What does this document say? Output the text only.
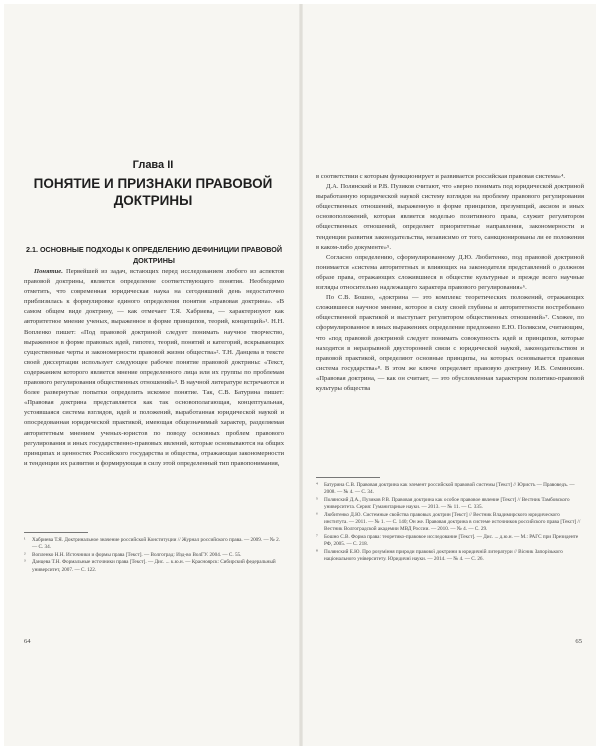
Глава II
ПОНЯТИЕ И ПРИЗНАКИ ПРАВОВОЙ ДОКТРИНЫ
2.1. ОСНОВНЫЕ ПОДХОДЫ К ОПРЕДЕЛЕНИЮ ДЕФИНИЦИИ ПРАВОВОЙ ДОКТРИНЫ

Понятие. Первейшей из задач, встающих перед исследованием любого из аспектов правовой доктрины, является определение соответствующего понятия. Необходимо отметить, что современная юридическая наука на сегодняшний день недостаточно приблизилась к формулировке единого определения понятия «правовая доктрина». «В самом общем виде доктрину, — как отмечает Т.Я. Хабриева, — характеризуют как авторитетное мнение ученых, выраженное в форме принципов, теорий, концепций»¹. Н.Н. Вопленко пишет: «Под правовой доктриной следует понимать научное творчество, выраженное в форме правовых идей, гипотез, теорий, понятий и категорий, вскрывающих существенные черты и закономерности правовой жизни общества»². Т.Н. Данцева в тексте своей диссертации использует следующее рабочее понятие правовой доктрины: «Текст, содержанием которого является мнение определенного лица или их группы по проблемам правового регулирования общественных отношений»³. В научной литературе встречаются и более развернутые попытки определить искомое понятие. Так, С.В. Батурина пишет: «Правовая доктрина представляется как так основополагающая, концептуальная, устоявшаяся система взглядов, идей и положений, выработанная юридической наукой и опосредованная юридической практикой, имеющая общезначимый характер, разделяемая авторитетным мнением ученых-юристов по поводу основных проблем правового регулирования и иных государственно-правовых явлений, которые основываются на общих принципах и ценностях Российского государства и общества, отражающая закономерности и тенденции их развития и формирующая в силу этой определенный тип правопонимания,

¹	Хабриева Т.Я. Доктринальное значение российской Конституции // Журнал российского права. — 2009. — № 2. — С. 34.
²	Вопленко Н.Н. Источники и формы права [Текст]. — Волгоград: Изд-во ВолГУ. 2004. — С. 55.
³	Данцева Т.Н. Формальные источники права [Текст]. — Дис. ... к.ю.н. — Красноярск: Сибирский федеральный университет, 2007. — С. 122.
64

в соответствии с которым функционирует и развивается российская правовая система»⁴.

Д.А. Полянский и Р.В. Пузиков считают, что «верно понимать под юридической доктриной выработанную юридической наукой систему взглядов на проблему правового регулирования общественных отношений, выраженную в форме принципов, презумпций, аксиом и иных основоположений, которая является моделью позитивного права, служит регулятором общественных отношений, определяет приоритетные направления, закономерности и тенденции развития законодательства, независимо от того, санкционированы ли ее положения в каком-либо документе»⁵.

Согласно определению, сформулированному Д.Ю. Любитенко, под правовой доктриной понимается «система авторитетных и влияющих на законодателя представлений о должном образе права, отражающих сложившиеся в обществе культурные и прежде всего научные взгляды относительно надлежащего характера правового регулирования»⁶.

По С.В. Бошно, «доктрина — это комплекс теоретических положений, отражающих сложившееся научное мнение, которое в силу своей глубины и авторитетности востребовано общественной практикой и выступает регулятором общественных отношений»⁷. Схожее, по сформулированное в иных выражениях определение предложено Е.Ю. Поляксим, считающим, что «под правовой доктриной следует понимать совокупность идей и принципов, которые находятся в неразрывной двусторонней связи с юридической наукой, законодательством и правовой практикой, определяют основные принципы, на которых основывается правовая система государства»⁸. В этом же ключе определяет правовую доктрину И.В. Семинихин. «Правовая доктрина, — как он считает, — это обусловленная характером политико-правовой культуры общества

⁴	Батурина С.В. Правовая доктрина как элемент российской правовой системы [Текст] // Юристъ — Правоведъ. — 2008. — № 4. — С. 34.
⁵	Полянский Д.А., Пузиков Р.В. Правовая доктрина как особое правовое явление [Текст] // Вестник Тамбовского университета. Серия: Гуманитарные науки. — 2013. — № 11. — С. 335.
⁶	Любитенко Д.Ю. Системные свойства правовых доктрин [Текст] // Вестник Владимирского юридического института. — 2011. — № 1. — С. 140; Он же. Правовая доктрина в системе источников российского права [Текст] // Вестник Волгоградской академии МВД России. — 2010. — № 4. — С. 29.
⁷	Бошно С.В. Форма права: теоретико-правовое исследование [Текст]. — Дис. ... д.ю.н. — М.: РАГС при Президенте РФ, 2005. — С. 218.
⁸	Полянский Е.Ю. Про розуміння природи правової доктрини в юридичній литератури // Вісник Запорізького національного університету. Юридичні науки. — 2014. — № 4. — С. 26.
65
